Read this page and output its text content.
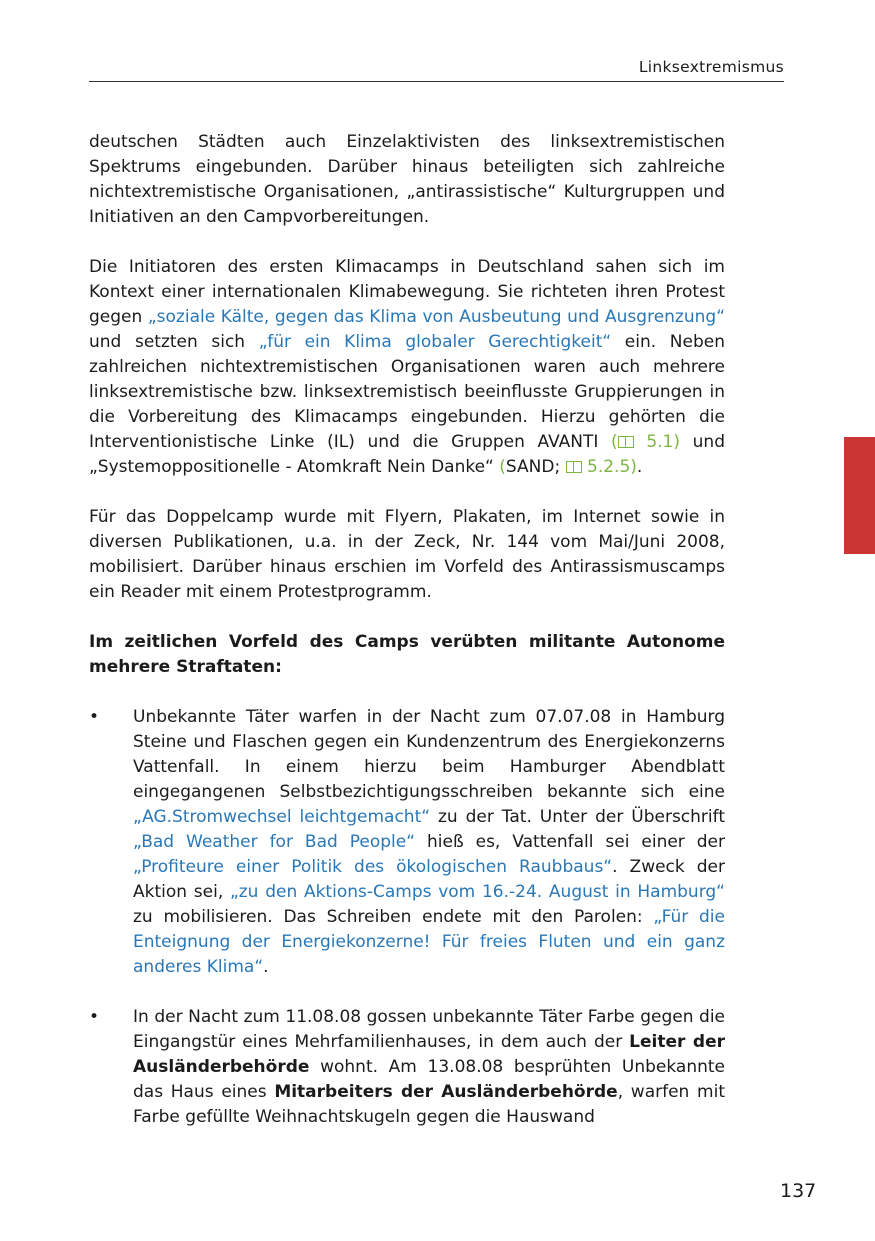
Linksextremismus

deutschen Städten auch Einzelaktivisten des linksextremistischen Spektrums eingebunden. Darüber hinaus beteiligten sich zahlreiche nichtextremistische Organisationen, „antirassistische“ Kulturgruppen und Initiativen an den Campvorbereitungen.

Die Initiatoren des ersten Klimacamps in Deutschland sahen sich im Kontext einer internationalen Klimabewegung. Sie richteten ihren Protest gegen „soziale Kälte, gegen das Klima von Ausbeutung und Ausgrenzung“ und setzten sich „für ein Klima globaler Gerechtigkeit“ ein. Neben zahlreichen nichtextremistischen Organisationen waren auch mehrere linksextremistische bzw. linksextremistisch beeinflusste Gruppierungen in die Vorbereitung des Klimacamps eingebunden. Hierzu gehörten die Interventionistische Linke (IL) und die Gruppen AVANTI ( 5.1) und „Systemoppositionelle - Atomkraft Nein Danke“ (SAND;  5.2.5).

Für das Doppelcamp wurde mit Flyern, Plakaten, im Internet sowie in diversen Publikationen, u.a. in der Zeck, Nr. 144 vom Mai/Juni 2008, mobilisiert. Darüber hinaus erschien im Vorfeld des Antirassismuscamps ein Reader mit einem Protestprogramm.

Im zeitlichen Vorfeld des Camps verübten militante Autonome mehrere Straftaten:

• Unbekannte Täter warfen in der Nacht zum 07.07.08 in Hamburg Steine und Flaschen gegen ein Kundenzentrum des Energiekonzerns Vattenfall. In einem hierzu beim Hamburger Abendblatt eingegangenen Selbstbezichtigungsschreiben bekannte sich eine „AG.Stromwechsel leichtgemacht“ zu der Tat. Unter der Überschrift „Bad Weather for Bad People“ hieß es, Vattenfall sei einer der „Profiteure einer Politik des ökologischen Raubbaus“. Zweck der Aktion sei, „zu den Aktions-Camps vom 16.-24. August in Hamburg“ zu mobilisieren. Das Schreiben endete mit den Parolen: „Für die Enteignung der Energiekonzerne! Für freies Fluten und ein ganz anderes Klima“.
• In der Nacht zum 11.08.08 gossen unbekannte Täter Farbe gegen die Eingangstür eines Mehrfamilienhauses, in dem auch der Leiter der Ausländerbehörde wohnt. Am 13.08.08 besprühten Unbekannte das Haus eines Mitarbeiters der Ausländerbehörde, warfen mit Farbe gefüllte Weihnachtskugeln gegen die Hauswand
137
